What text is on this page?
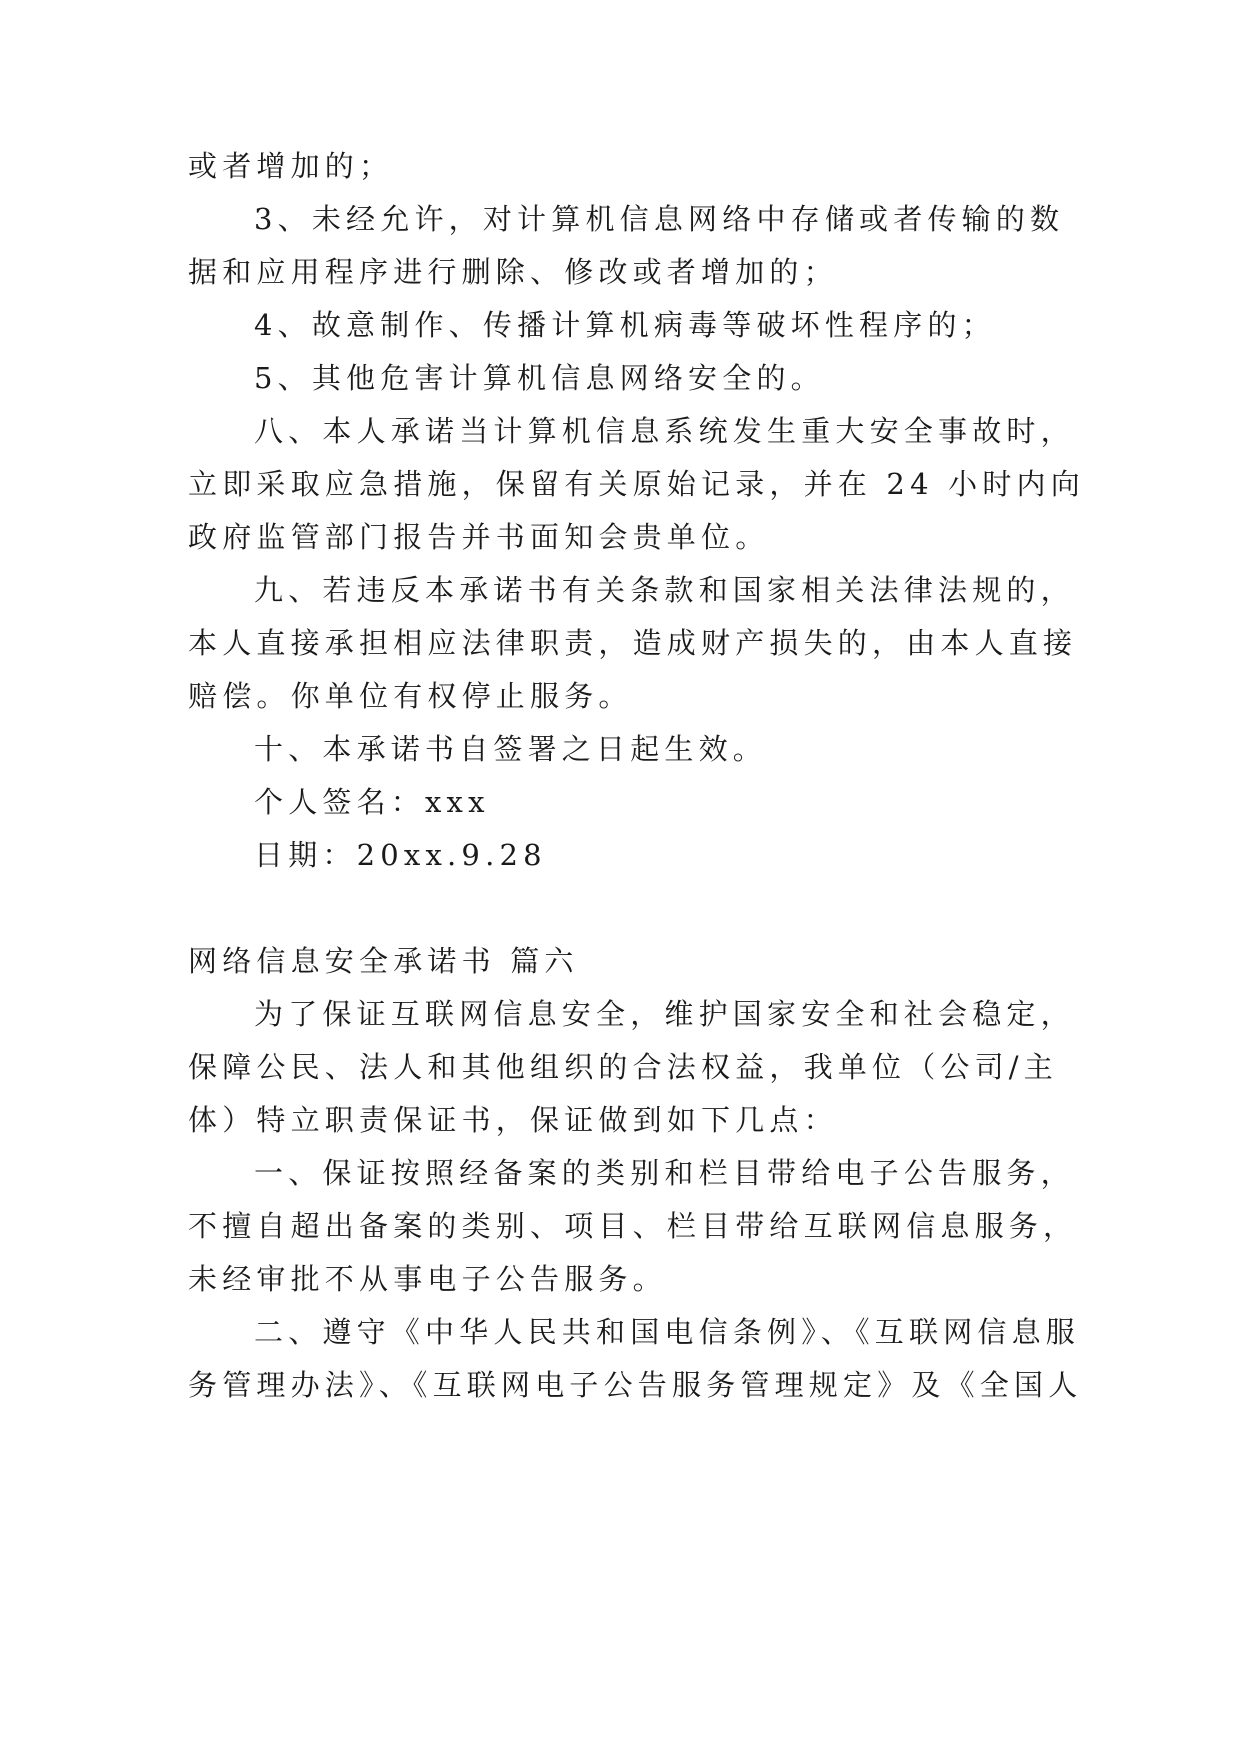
或者增加的；
3、未经允许，对计算机信息网络中存储或者传输的数
据和应用程序进行删除、修改或者增加的；
4、故意制作、传播计算机病毒等破坏性程序的；
5、其他危害计算机信息网络安全的。
八、本人承诺当计算机信息系统发生重大安全事故时，
立即采取应急措施，保留有关原始记录，并在 24 小时内向
政府监管部门报告并书面知会贵单位。
九、若违反本承诺书有关条款和国家相关法律法规的，
本人直接承担相应法律职责，造成财产损失的，由本人直接
赔偿。你单位有权停止服务。
十、本承诺书自签署之日起生效。
个人签名：xxx
日期：20xx.9.28
网络信息安全承诺书 篇六
为了保证互联网信息安全，维护国家安全和社会稳定，
保障公民、法人和其他组织的合法权益，我单位（公司/主
体）特立职责保证书，保证做到如下几点：
一、保证按照经备案的类别和栏目带给电子公告服务，
不擅自超出备案的类别、项目、栏目带给互联网信息服务，
未经审批不从事电子公告服务。
二、遵守《中华人民共和国电信条例》、《互联网信息服
务管理办法》、《互联网电子公告服务管理规定》及《全国人
